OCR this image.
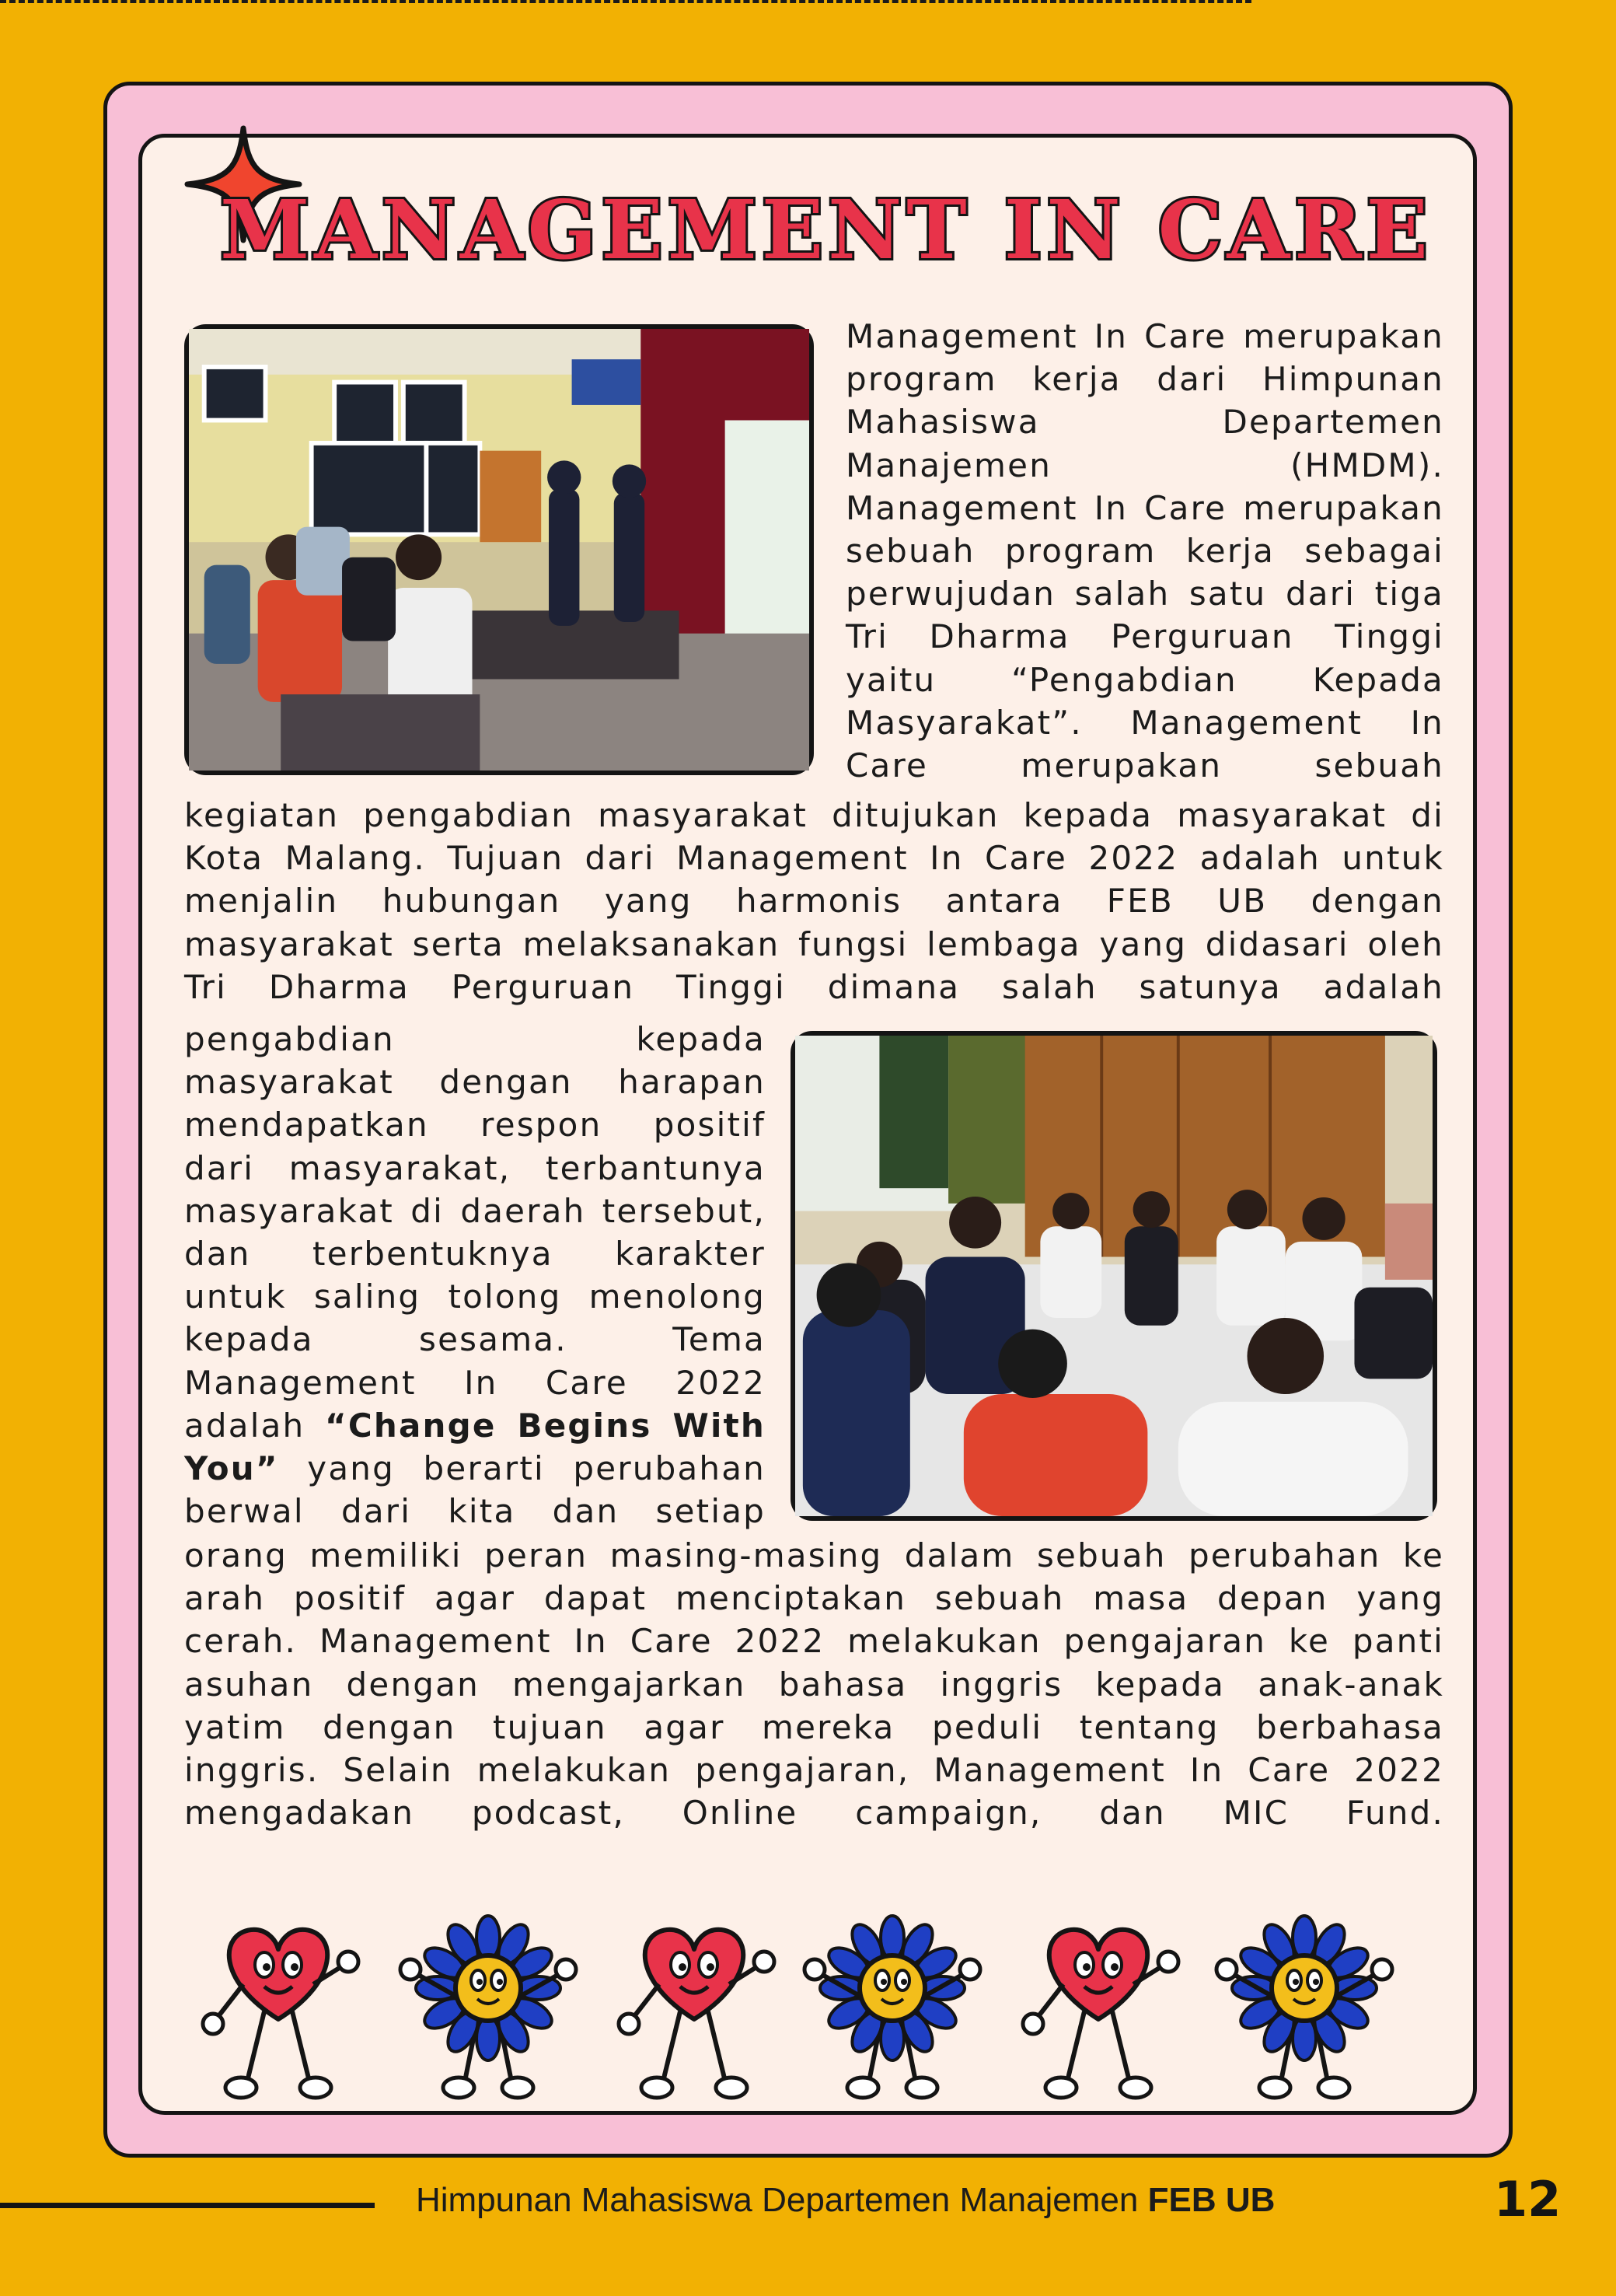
MANAGEMENT IN CARE
Management In Care merupakan
program kerja dari Himpunan
Mahasiswa Departemen
Manajemen (HMDM).
Management In Care merupakan
sebuah program kerja sebagai
perwujudan salah satu dari tiga
Tri Dharma Perguruan Tinggi
yaitu “Pengabdian Kepada
Masyarakat”. Management In
Care merupakan sebuah
kegiatan pengabdian masyarakat ditujukan kepada masyarakat di
Kota Malang. Tujuan dari Management In Care 2022 adalah untuk
menjalin hubungan yang harmonis antara FEB UB dengan
masyarakat serta melaksanakan fungsi lembaga yang didasari oleh
Tri Dharma Perguruan Tinggi dimana salah satunya adalah
pengabdian kepada
masyarakat dengan harapan
mendapatkan respon positif
dari masyarakat, terbantunya
masyarakat di daerah tersebut,
dan terbentuknya karakter
untuk saling tolong menolong
kepada sesama. Tema
Management In Care 2022
adalah “Change Begins With
You” yang berarti perubahan
berwal dari kita dan setiap
orang memiliki peran masing-masing dalam sebuah perubahan ke
arah positif agar dapat menciptakan sebuah masa depan yang
cerah. Management In Care 2022 melakukan pengajaran ke panti
asuhan dengan mengajarkan bahasa inggris kepada anak-anak
yatim dengan tujuan agar mereka peduli tentang berbahasa
inggris. Selain melakukan pengajaran, Management In Care 2022
mengadakan podcast, Online campaign, dan MIC Fund.
Himpunan Mahasiswa Departemen Manajemen FEB UB	12
